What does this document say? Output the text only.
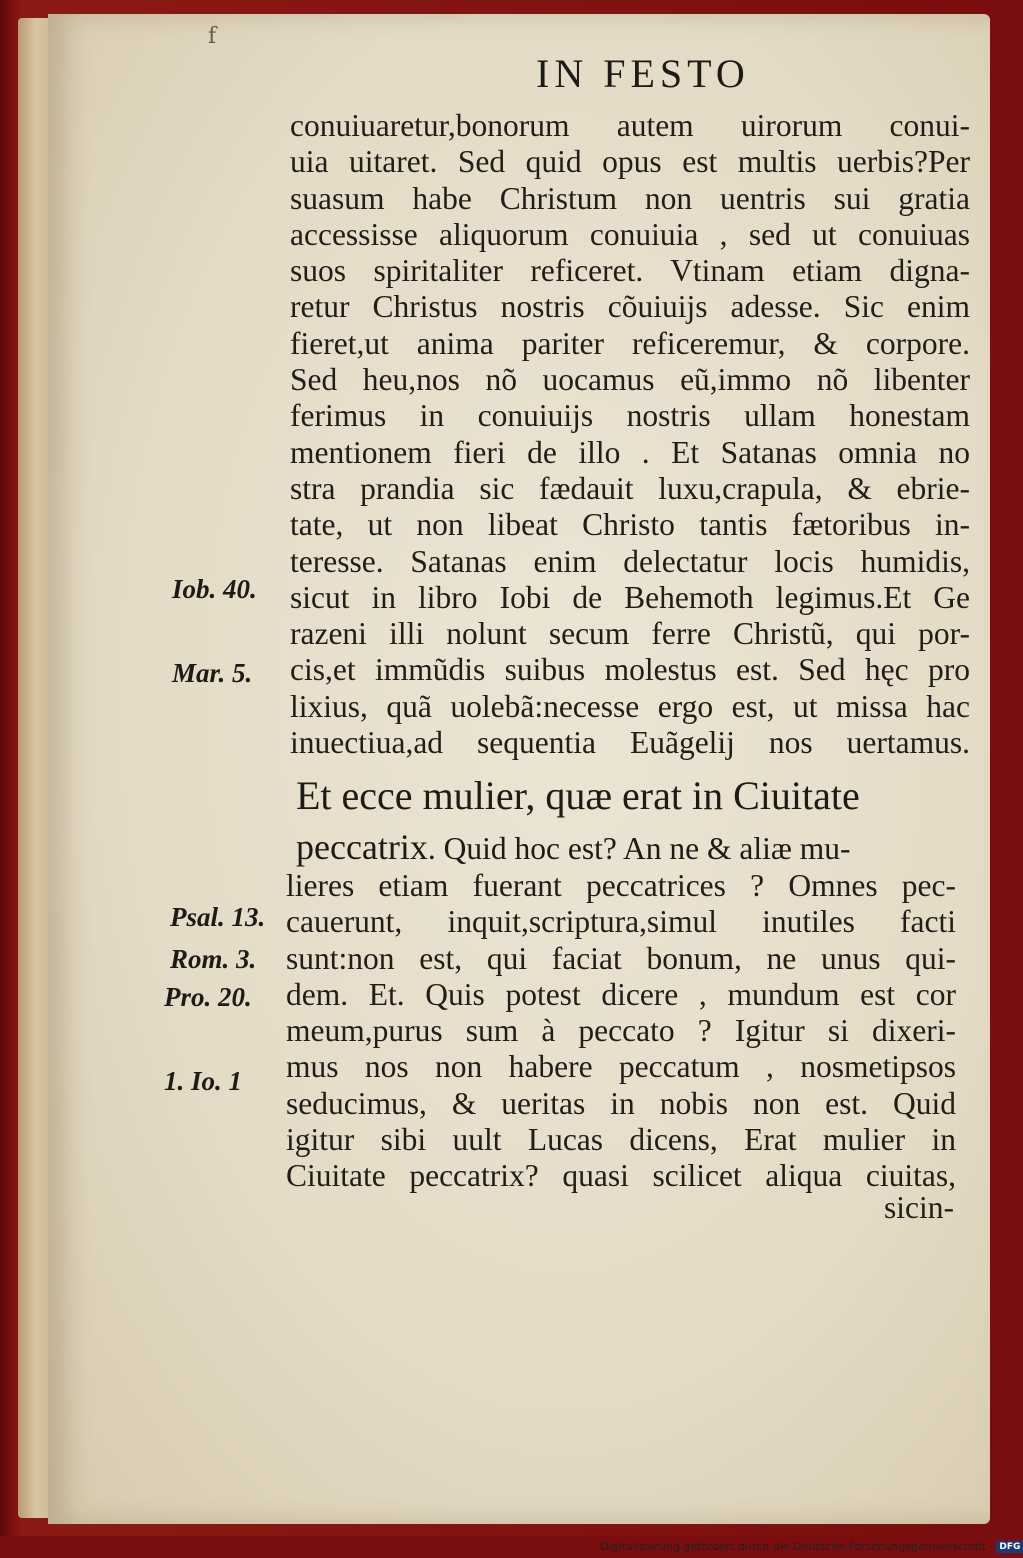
f
IN FESTO
conuiuaretur,bonorum autem uirorum conui-
uia uitaret. Sed quid opus est multis uerbis?Per
suasum habe Christum non uentris sui gratia
accessisse aliquorum conuiuia , sed ut conuiuas
suos spiritaliter reficeret. Vtinam etiam digna-
retur Christus nostris cõuiuijs adesse. Sic enim
fieret,ut anima pariter reficeremur, & corpore.
Sed heu,nos nõ uocamus eũ,immo nõ libenter
ferimus in conuiuijs nostris ullam honestam
mentionem fieri de illo . Et Satanas omnia no
stra prandia sic fædauit luxu,crapula, & ebrie-
tate, ut non libeat Christo tantis fætoribus in-
teresse. Satanas enim delectatur locis humidis,
sicut in libro Iobi de Behemoth legimus.Et Ge
razeni illi nolunt secum ferre Christũ, qui por-
cis,et immũdis suibus molestus est. Sed hęc pro
lixius, quã uolebã:necesse ergo est, ut missa hac
inuectiua,ad sequentia Euãgelij nos uertamus.
Et ecce mulier, quæ erat in Ciuitate
peccatrix. Quid hoc est? An ne & aliæ mu-
lieres etiam fuerant peccatrices ? Omnes pec-
cauerunt, inquit,scriptura,simul inutiles facti
sunt:non est, qui faciat bonum, ne unus qui-
dem. Et. Quis potest dicere , mundum est cor
meum,purus sum à peccato ? Igitur si dixeri-
mus nos non habere peccatum , nosmetipsos
seducimus, & ueritas in nobis non est. Quid
igitur sibi uult Lucas dicens, Erat mulier in
Ciuitate peccatrix? quasi scilicet aliqua ciuitas,
sicin-
Iob. 40.
Mar. 5.
Psal. 13.
Rom. 3.
Pro. 20.
1. Io. 1
Digitalisierung gefördert durch die Deutsche Forschungsgemeinschaft - DFG
